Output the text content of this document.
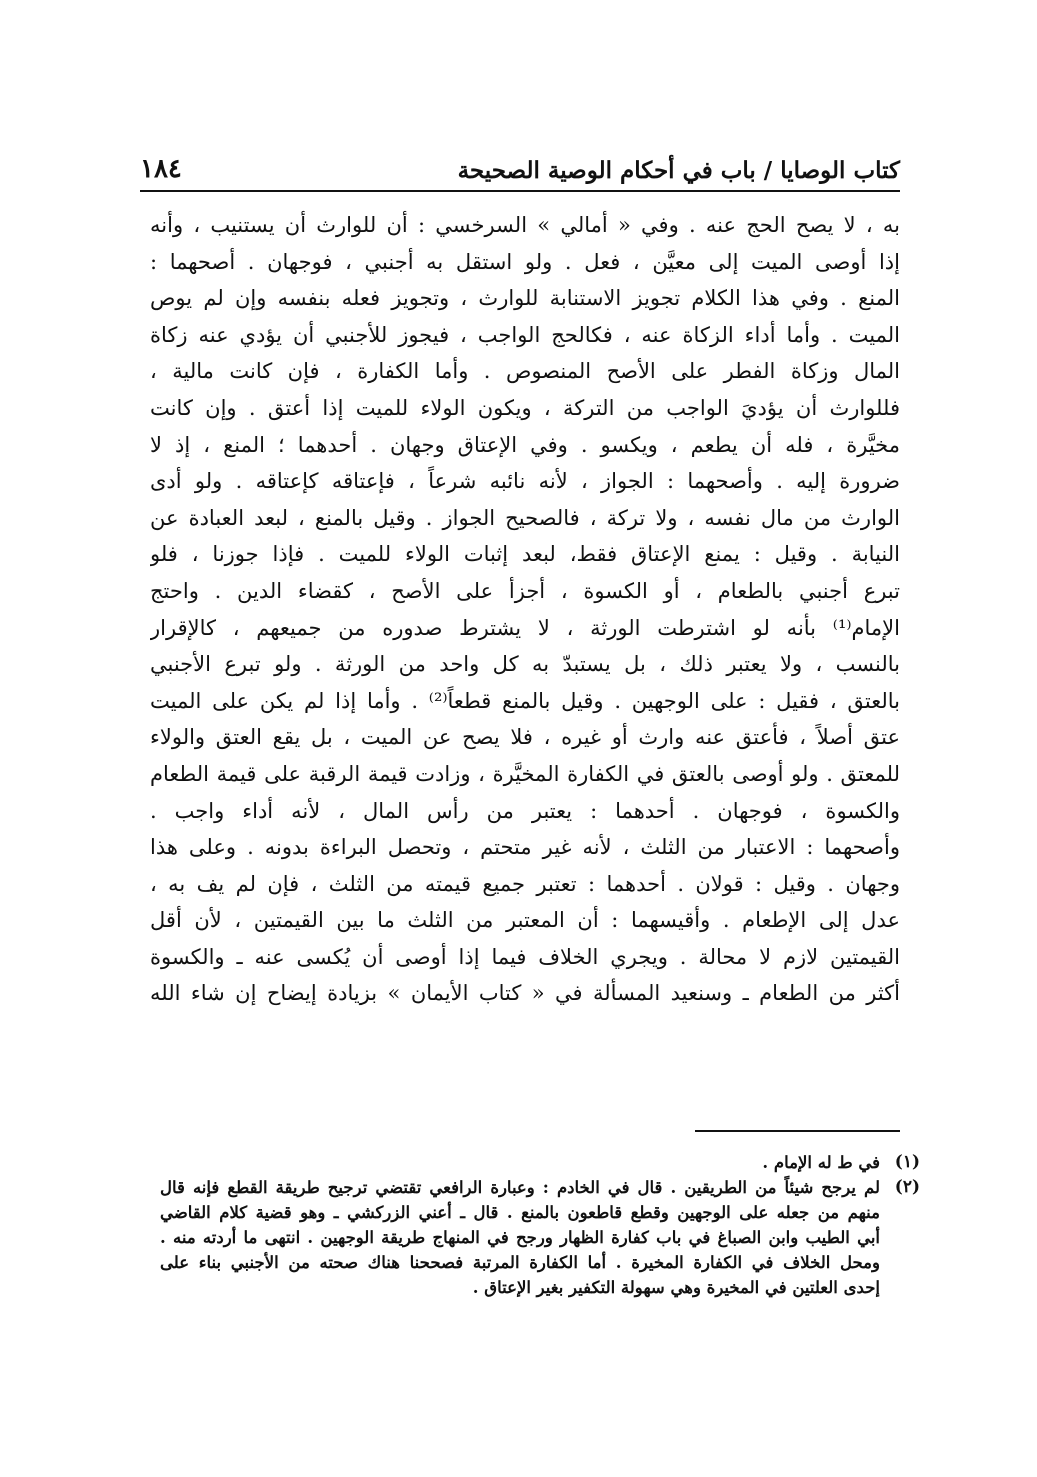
كتاب الوصايا / باب في أحكام الوصية الصحيحة
١٨٤
به ، لا يصح الحج عنه . وفي « أمالي » السرخسي : أن للوارث أن يستنيب ، وأنه
إذا أوصى الميت إلى معيَّن ، فعل . ولو استقل به أجنبي ، فوجهان . أصحهما :
المنع . وفي هذا الكلام تجويز الاستنابة للوارث ، وتجويز فعله بنفسه وإن لم يوص
الميت . وأما أداء الزكاة عنه ، فكالحج الواجب ، فيجوز للأجنبي أن يؤدي عنه زكاة
المال وزكاة الفطر على الأصح المنصوص . وأما الكفارة ، فإن كانت مالية ،
فللوارث أن يؤديَ الواجب من التركة ، ويكون الولاء للميت إذا أعتق . وإن كانت
مخيَّرة ، فله أن يطعم ، ويكسو . وفي الإعتاق وجهان . أحدهما ؛ المنع ، إذ لا
ضرورة إليه . وأصحهما : الجواز ، لأنه نائبه شرعاً ، فإعتاقه كإعتاقه . ولو أدى
الوارث من مال نفسه ، ولا تركة ، فالصحيح الجواز . وقيل بالمنع ، لبعد العبادة عن
النيابة . وقيل : يمنع الإعتاق فقط، لبعد إثبات الولاء للميت . فإذا جوزنا ، فلو
تبرع أجنبي بالطعام ، أو الكسوة ، أجزأ على الأصح ، كقضاء الدين . واحتج
الإمام⁽¹⁾ بأنه لو اشترطت الورثة ، لا يشترط صدوره من جميعهم ، كالإقرار
بالنسب ، ولا يعتبر ذلك ، بل يستبدّ به كل واحد من الورثة . ولو تبرع الأجنبي
بالعتق ، فقيل : على الوجهين . وقيل بالمنع قطعاً⁽²⁾ . وأما إذا لم يكن على الميت
عتق أصلاً ، فأعتق عنه وارث أو غيره ، فلا يصح عن الميت ، بل يقع العتق والولاء
للمعتق . ولو أوصى بالعتق في الكفارة المخيَّرة ، وزادت قيمة الرقبة على قيمة الطعام
والكسوة ، فوجهان . أحدهما : يعتبر من رأس المال ، لأنه أداء واجب .
وأصحهما : الاعتبار من الثلث ، لأنه غير متحتم ، وتحصل البراءة بدونه . وعلى هذا
وجهان . وقيل : قولان . أحدهما : تعتبر جميع قيمته من الثلث ، فإن لم يف به ،
عدل إلى الإطعام . وأقيسهما : أن المعتبر من الثلث ما بين القيمتين ، لأن أقل
القيمتين لازم لا محالة . ويجري الخلاف فيما إذا أوصى أن يُكسى عنه ـ والكسوة
أكثر من الطعام ـ وسنعيد المسألة في « كتاب الأيمان » بزيادة إيضاح إن شاء الله
(١)
في ط له الإمام .
(٢)
لم يرجح شيئاً من الطريقين . قال في الخادم : وعبارة الرافعي تقتضي ترجيح طريقة القطع فإنه قال
منهم من جعله على الوجهين وقطع قاطعون بالمنع . قال ـ أعني الزركشي ـ وهو قضية كلام القاضي
أبي الطيب وابن الصباغ في باب كفارة الظهار ورجح في المنهاج طريقة الوجهين . انتهى ما أردته منه .
ومحل الخلاف في الكفارة المخيرة . أما الكفارة المرتبة فصححنا هناك صحته من الأجنبي بناء على
إحدى العلتين في المخيرة وهي سهولة التكفير بغير الإعتاق .
